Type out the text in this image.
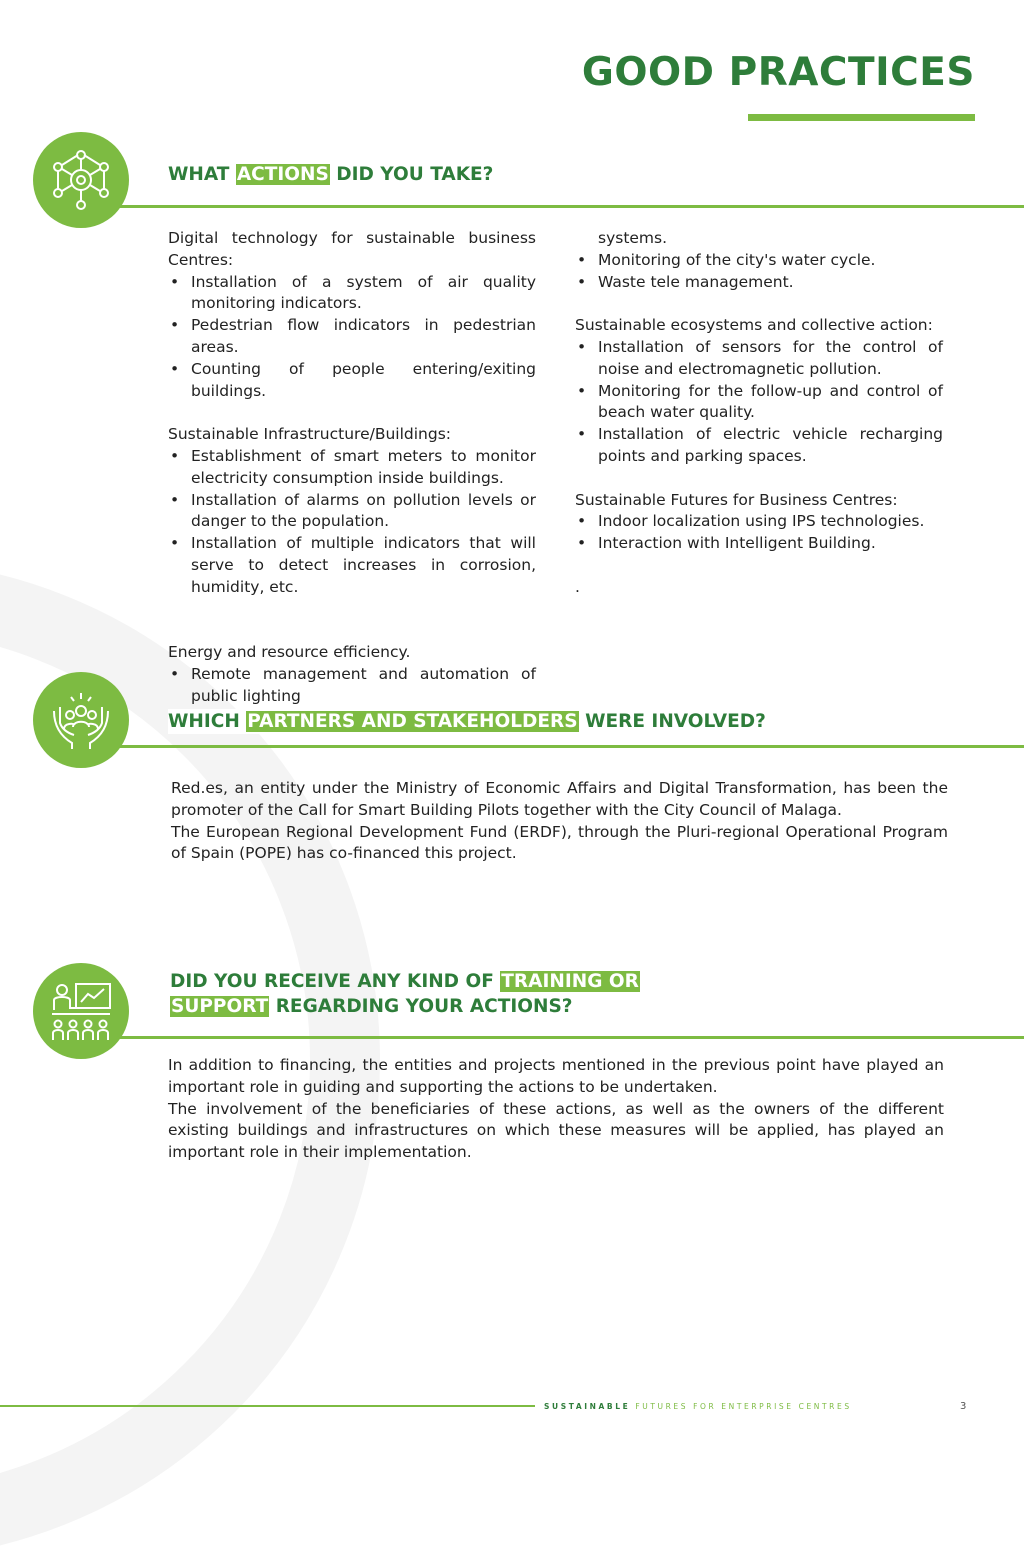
GOOD PRACTICES
WHAT ACTIONS DID YOU TAKE?

Digital technology for sustainable business Centres:

• Installation of a system of air quality monitoring indicators.
• Pedestrian flow indicators in pedestrian areas.
• Counting of people entering/exiting buildings.

Sustainable Infrastructure/Buildings:

• Establishment of smart meters to monitor electricity consumption inside buildings.
• Installation of alarms on pollution levels or danger to the population.
• Installation of multiple indicators that will serve to detect increases in corrosion, humidity, etc.

Energy and resource efficiency.

• Remote management and automation of public lighting

systems.

• Monitoring of the city's water cycle.
• Waste tele management.

Sustainable ecosystems and collective action:

• Installation of sensors for the control of noise and electromagnetic pollution.
• Monitoring for the follow-up and control of beach water quality.
• Installation of electric vehicle recharging points and parking spaces.

Sustainable Futures for Business Centres:

• Indoor localization using IPS technologies.
• Interaction with Intelligent Building.

.

WHICH PARTNERS AND STAKEHOLDERS WERE INVOLVED?

Red.es, an entity under the Ministry of Economic Affairs and Digital Transformation, has been the promoter of the Call for Smart Building Pilots together with the City Council of Malaga.

The European Regional Development Fund (ERDF), through the Pluri-regional Operational Program of Spain (POPE) has co-financed this project.

DID YOU RECEIVE ANY KIND OF TRAINING OR
SUPPORT REGARDING YOUR ACTIONS?

In addition to financing, the entities and projects mentioned in the previous point have played an important role in guiding and supporting the actions to be undertaken.

The involvement of the beneficiaries of these actions, as well as the owners of the different existing buildings and infrastructures on which these measures will be applied, has played an important role in their implementation.

SUSTAINABLE FUTURES FOR ENTERPRISE CENTRES	3
